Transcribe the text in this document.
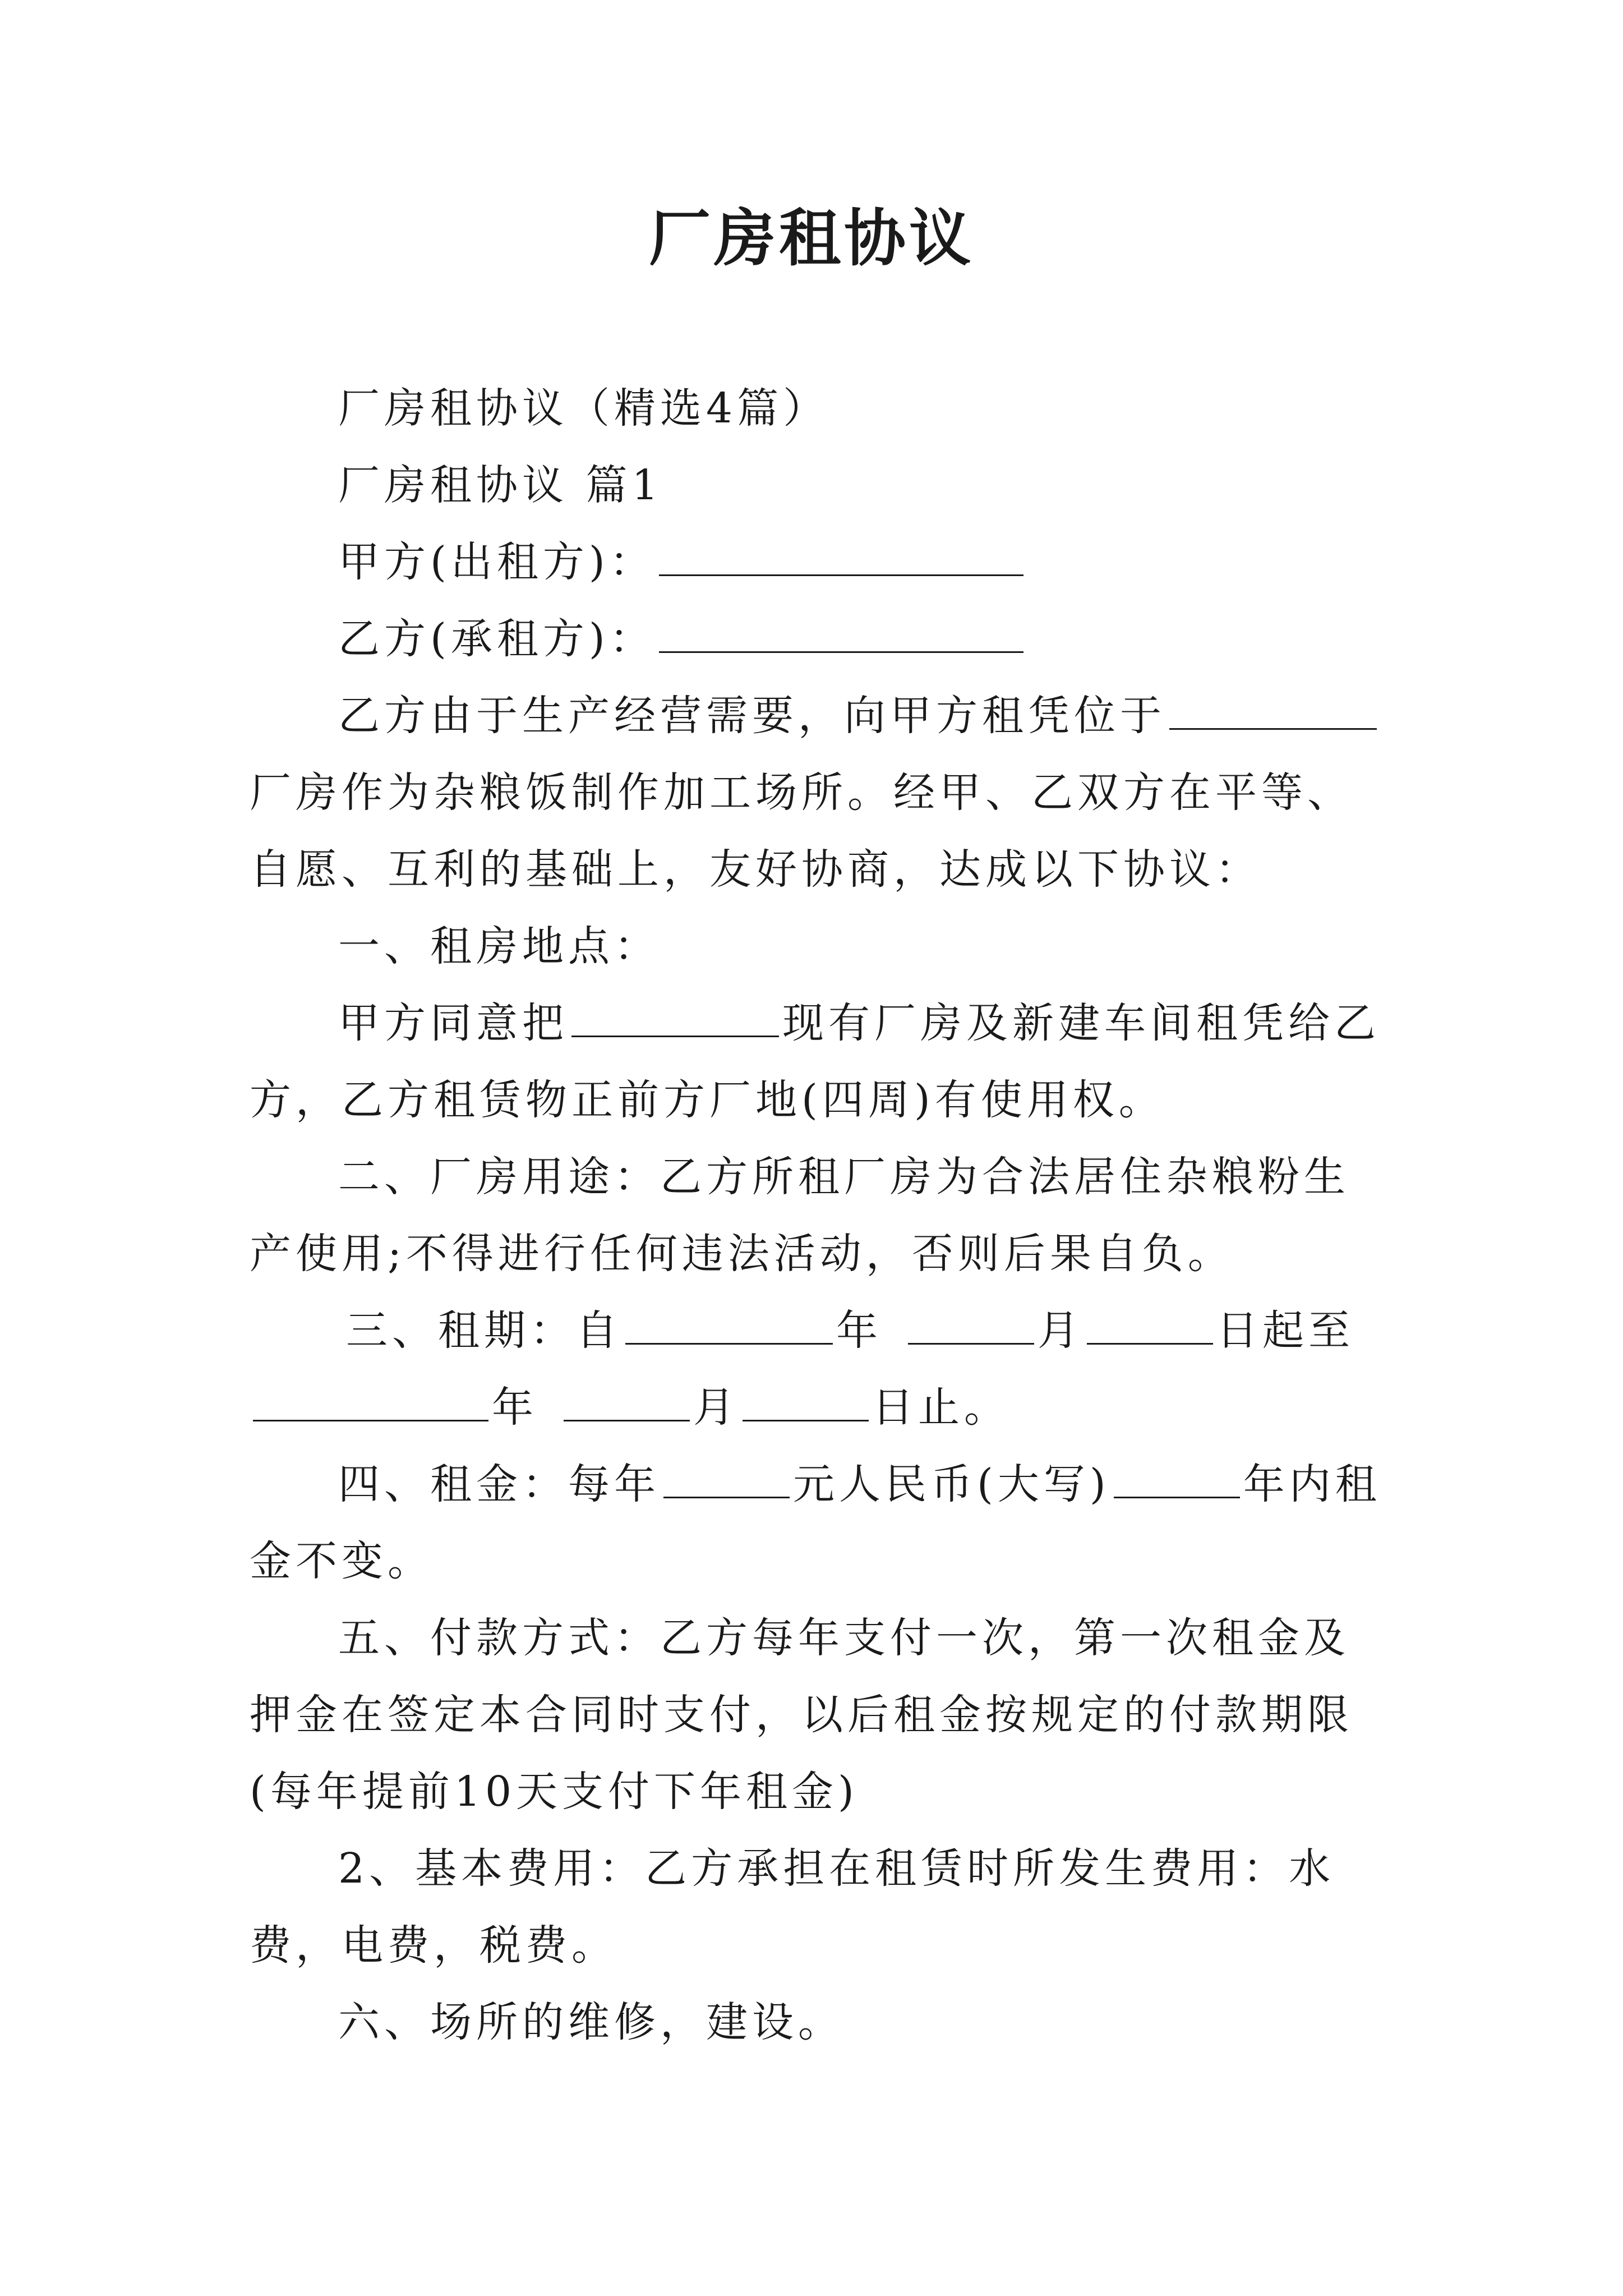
厂房租协议

厂房租协议（精选4篇）

厂房租协议 篇1

甲方(出租方)：

乙方(承租方)：

乙方由于生产经营需要，向甲方租凭位于厂房作为杂粮饭制作加工场所。经甲、乙双方在平等、自愿、互利的基础上，友好协商，达成以下协议：

一、租房地点：

甲方同意把	现有厂房及新建车间租凭给乙方，乙方租赁物正前方厂地(四周)有使用权。

二、厂房用途：乙方所租厂房为合法居住杂粮粉生产使用;不得进行任何违法活动，否则后果自负。

三、租期：自	年	月	日起至年	月	日止。

四、租金：每年	元人民币(大写)	年内租金不变。

五、付款方式：乙方每年支付一次，第一次租金及押金在签定本合同时支付，以后租金按规定的付款期限(每年提前10天支付下年租金)

2、基本费用：乙方承担在租赁时所发生费用：水费，电费，税费。

六、场所的维修，建设。
